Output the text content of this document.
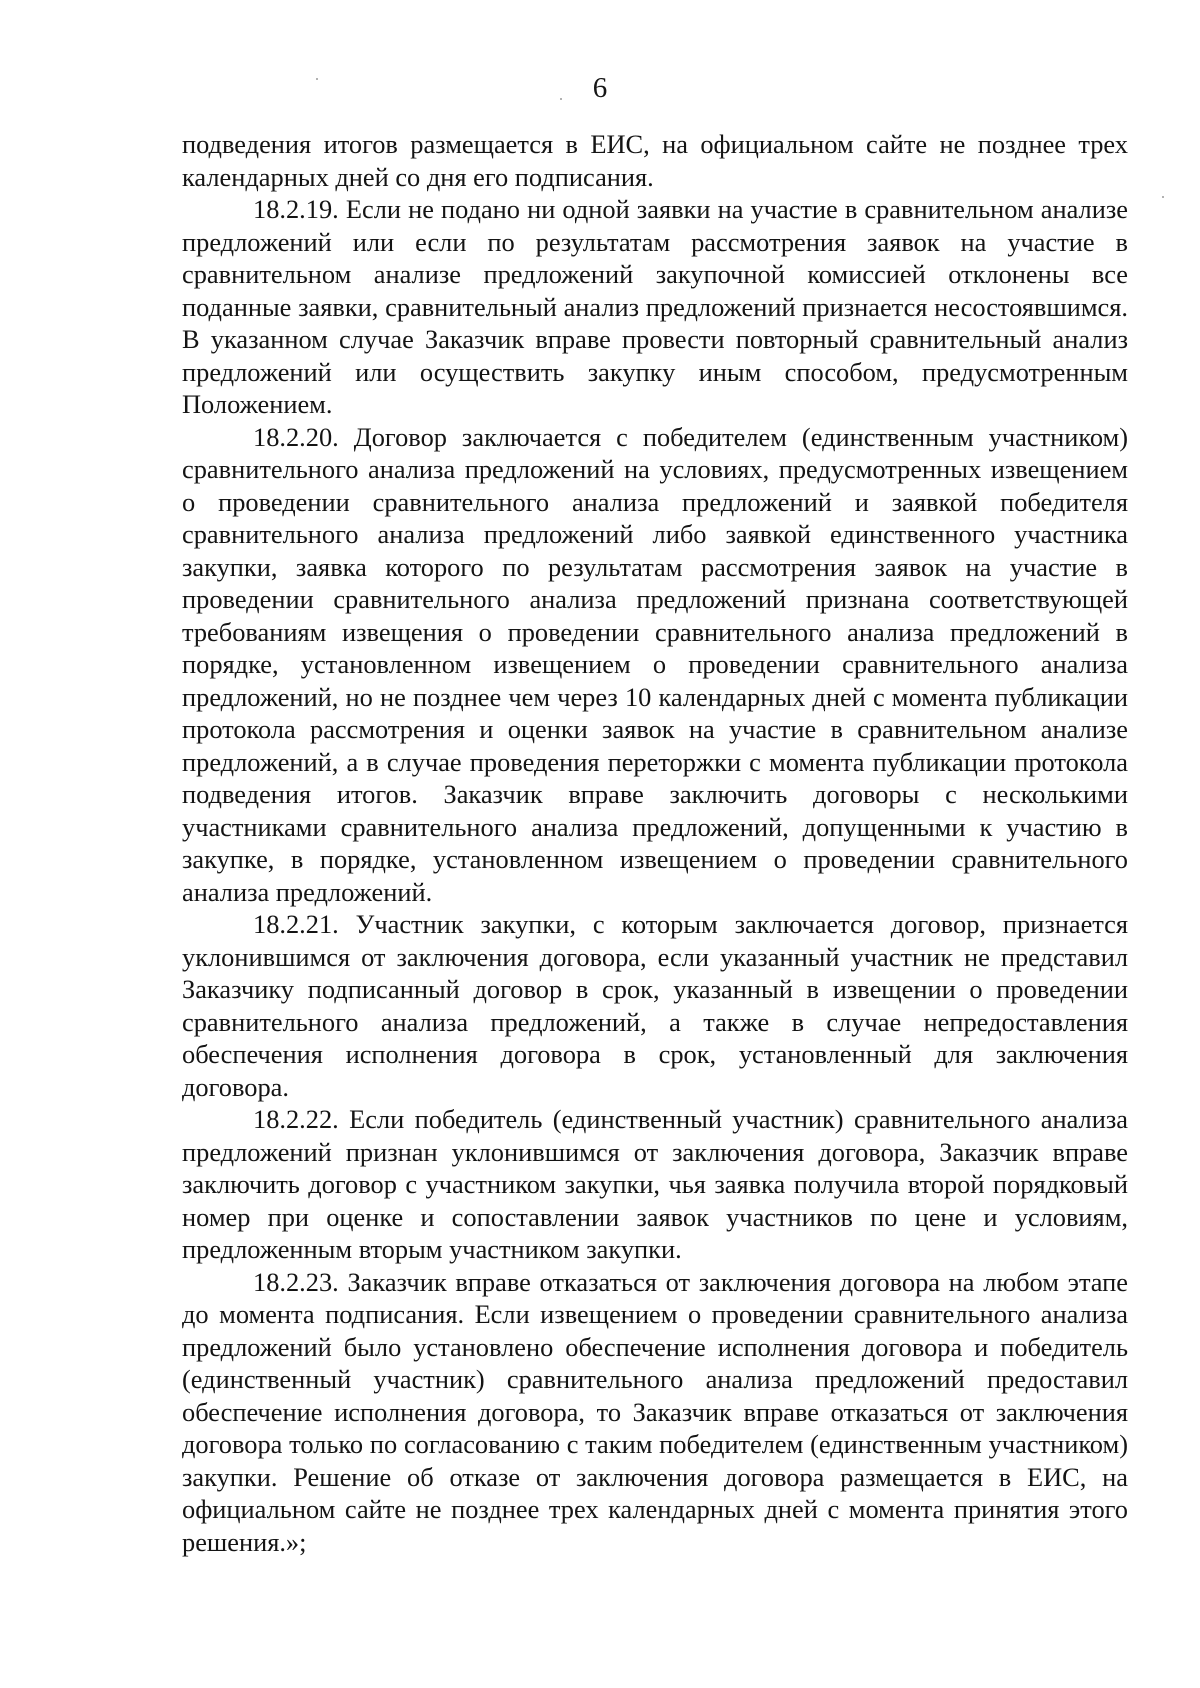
6

подведения итогов размещается в ЕИС, на официальном сайте не позднее трех календарных дней со дня его подписания.

18.2.19. Если не подано ни одной заявки на участие в сравнительном анализе предложений или если по результатам рассмотрения заявок на участие в сравнительном анализе предложений закупочной комиссией отклонены все поданные заявки, сравнительный анализ предложений признается несостоявшимся. В указанном случае Заказчик вправе провести повторный сравнительный анализ предложений или осуществить закупку иным способом, предусмотренным Положением.

18.2.20. Договор заключается с победителем (единственным участником) сравнительного анализа предложений на условиях, предусмотренных извещением о проведении сравнительного анализа предложений и заявкой победителя сравнительного анализа предложений либо заявкой единственного участника закупки, заявка которого по результатам рассмотрения заявок на участие в проведении сравнительного анализа предложений признана соответствующей требованиям извещения о проведении сравнительного анализа предложений в порядке, установленном извещением о проведении сравнительного анализа предложений, но не позднее чем через 10 календарных дней с момента публикации протокола рассмотрения и оценки заявок на участие в сравнительном анализе предложений, а в случае проведения переторжки с момента публикации протокола подведения итогов. Заказчик вправе заключить договоры с несколькими участниками сравнительного анализа предложений, допущенными к участию в закупке, в порядке, установленном извещением о проведении сравнительного анализа предложений.

18.2.21. Участник закупки, с которым заключается договор, признается уклонившимся от заключения договора, если указанный участник не представил Заказчику подписанный договор в срок, указанный в извещении о проведении сравнительного анализа предложений, а также в случае непредоставления обеспечения исполнения договора в срок, установленный для заключения договора.

18.2.22. Если победитель (единственный участник) сравнительного анализа предложений признан уклонившимся от заключения договора, Заказчик вправе заключить договор с участником закупки, чья заявка получила второй порядковый номер при оценке и сопоставлении заявок участников по цене и условиям, предложенным вторым участником закупки.

18.2.23. Заказчик вправе отказаться от заключения договора на любом этапе до момента подписания. Если извещением о проведении сравнительного анализа предложений было установлено обеспечение исполнения договора и победитель (единственный участник) сравнительного анализа предложений предоставил обеспечение исполнения договора, то Заказчик вправе отказаться от заключения договора только по согласованию с таким победителем (единственным участником) закупки. Решение об отказе от заключения договора размещается в ЕИС, на официальном сайте не позднее трех календарных дней с момента принятия этого решения.»;
